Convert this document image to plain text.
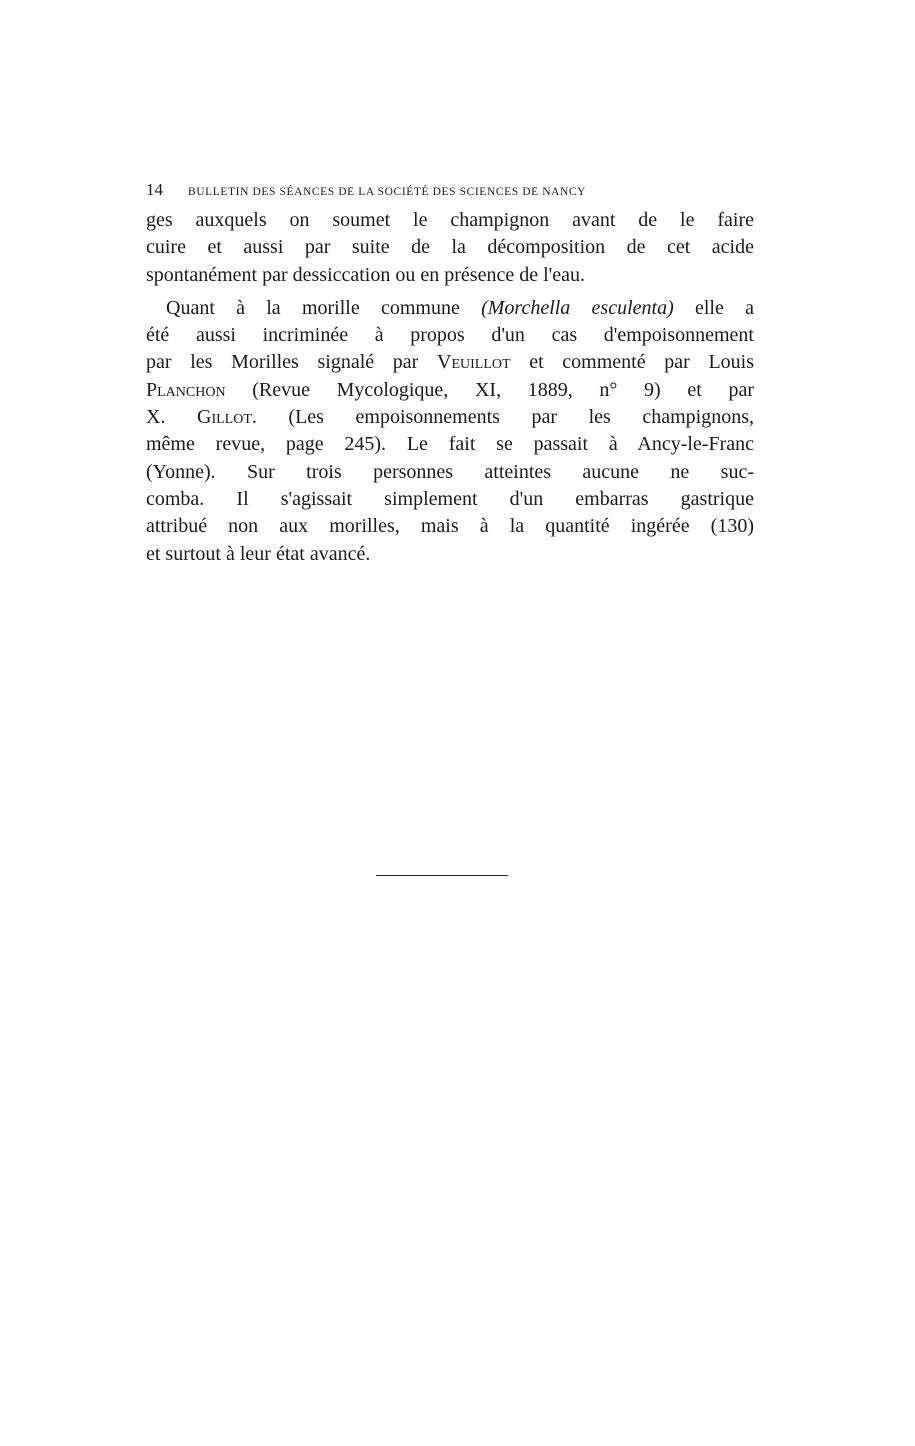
14	BULLETIN DES SÉANCES DE LA SOCIÉTÉ DES SCIENCES DE NANCY
ges auxquels on soumet le champignon avant de le faire
cuire et aussi par suite de la décomposition de cet acide
spontanément par dessiccation ou en présence de l'eau.
Quant à la morille commune (Morchella esculenta) elle a
été aussi incriminée à propos d'un cas d'empoisonnement
par les Morilles signalé par Veuillot et commenté par Louis
Planchon (Revue Mycologique, XI, 1889, n° 9) et par
X. Gillot. (Les empoisonnements par les champignons,
même revue, page 245). Le fait se passait à Ancy-le-Franc
(Yonne). Sur trois personnes atteintes aucune ne suc-
comba. Il s'agissait simplement d'un embarras gastrique
attribué non aux morilles, mais à la quantité ingérée (130)
et surtout à leur état avancé.
